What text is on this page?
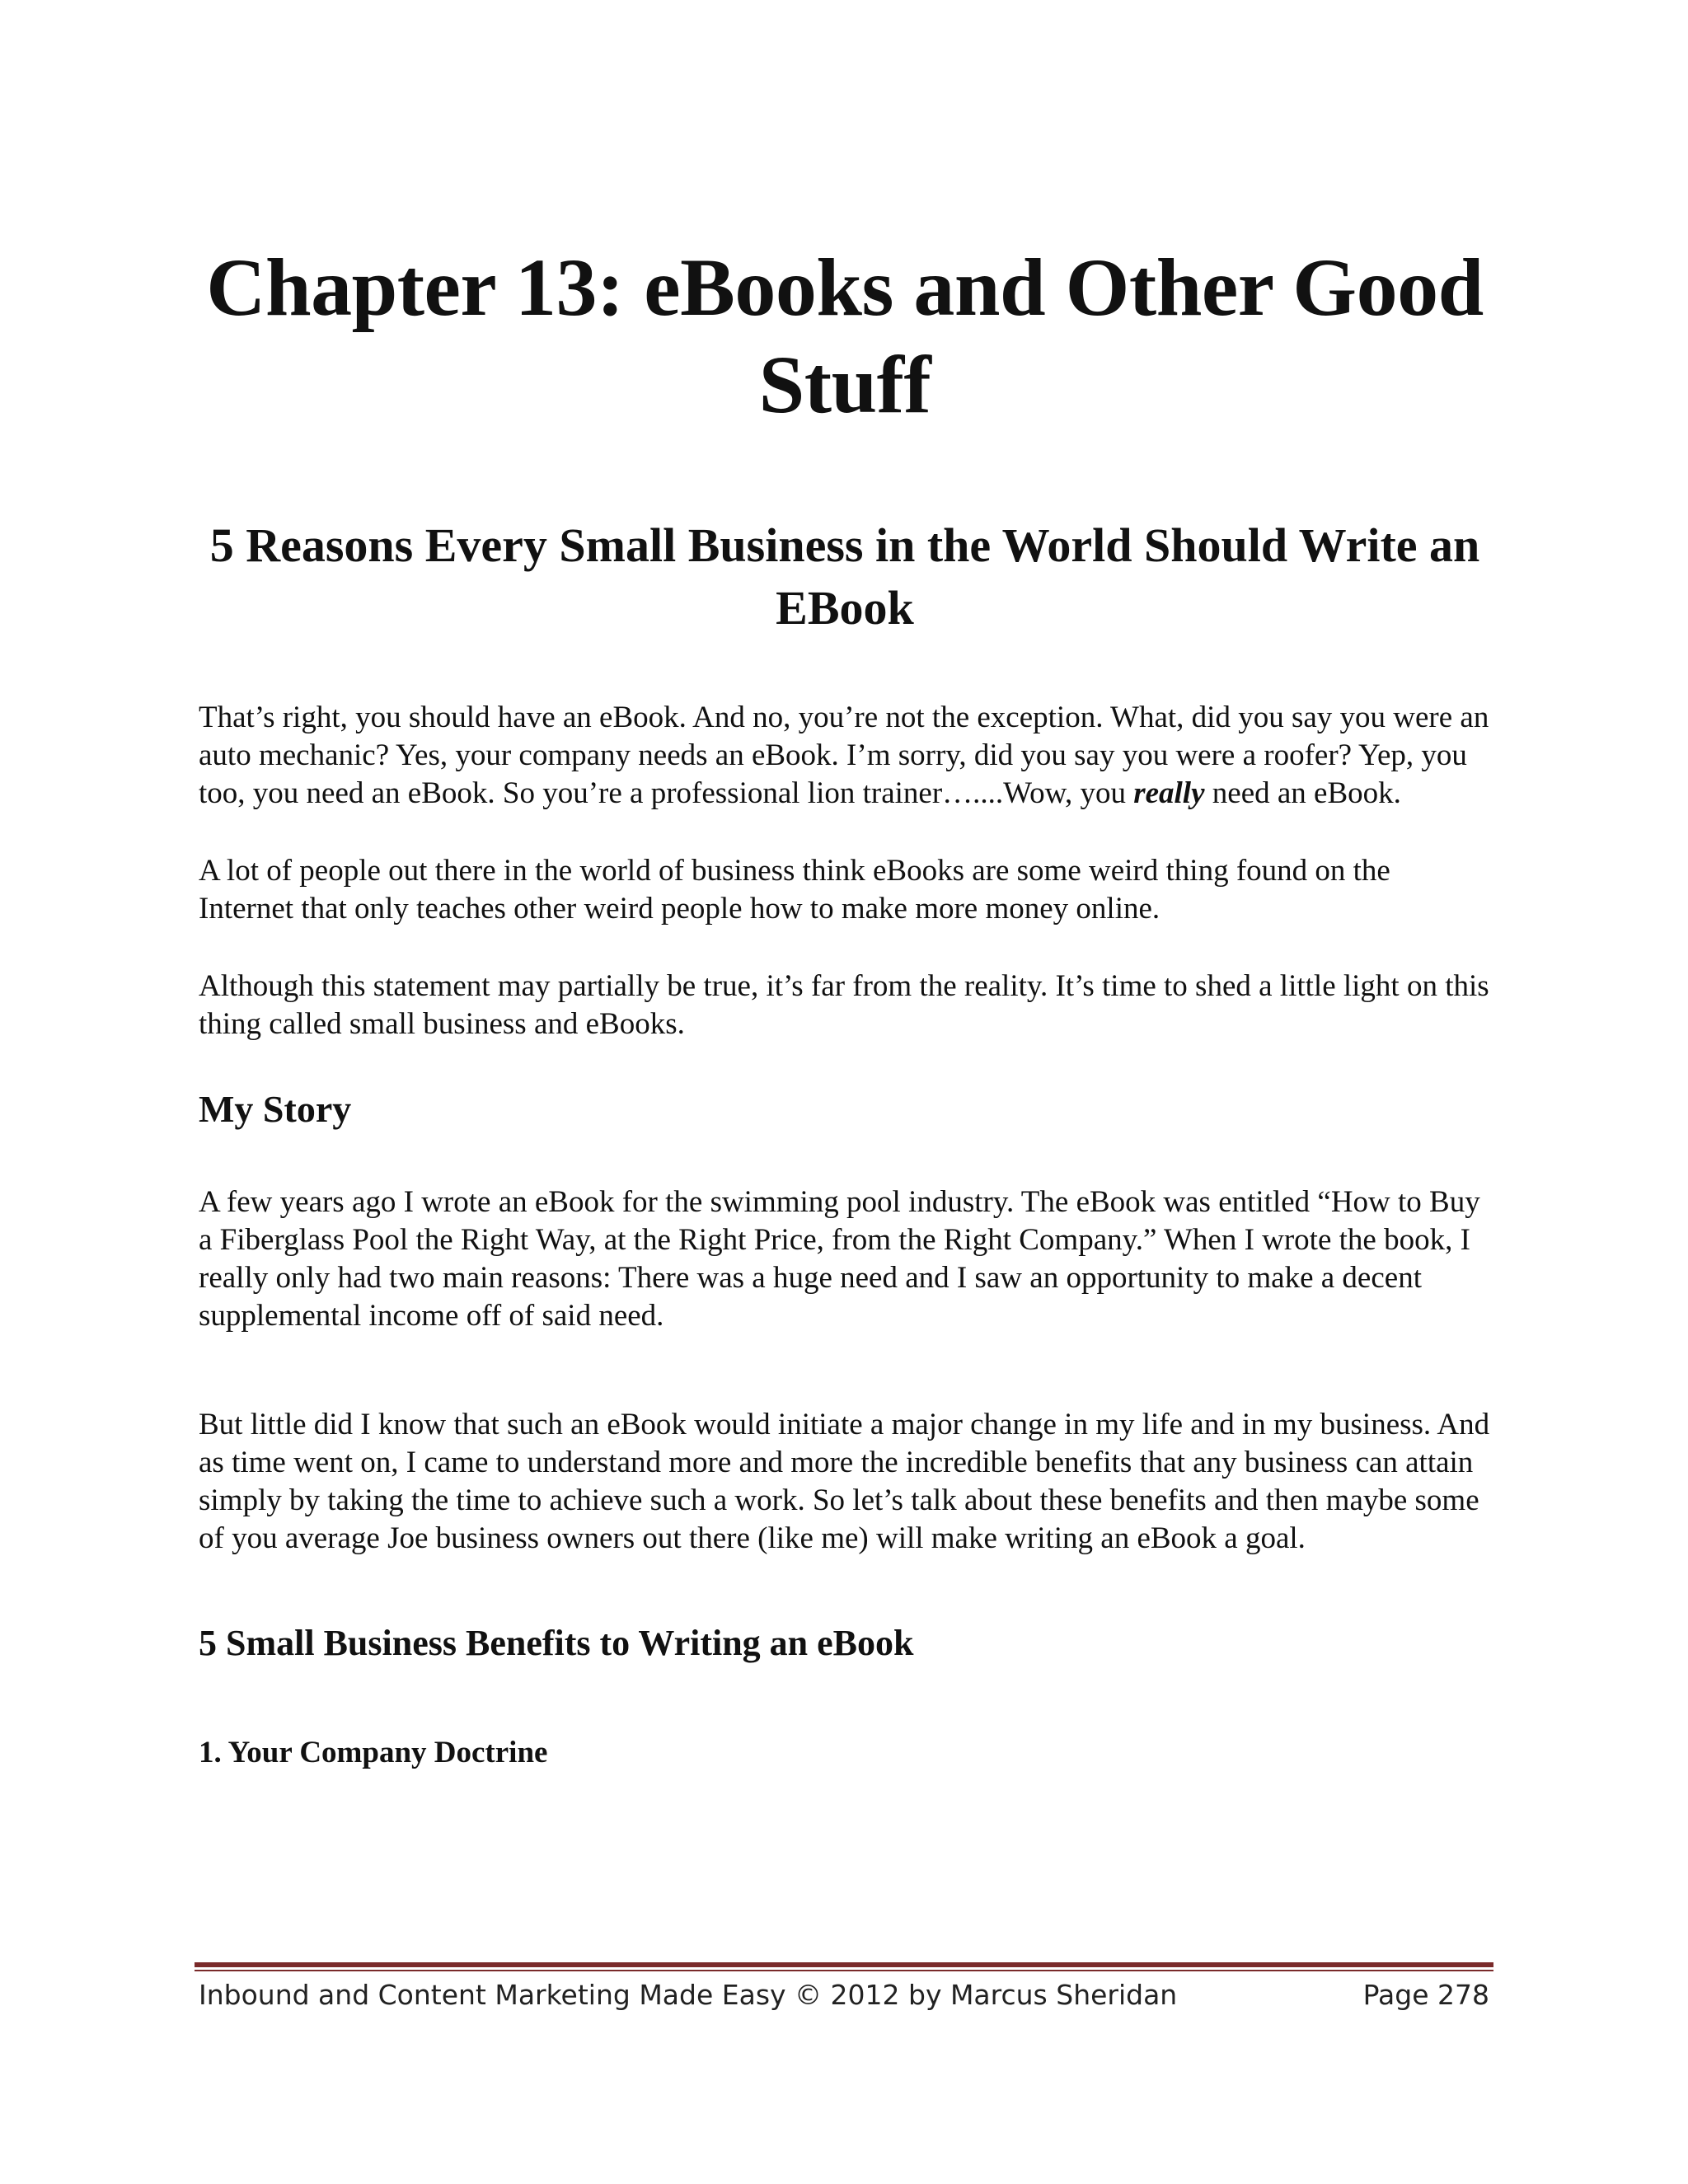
Chapter 13: eBooks and Other Good Stuff
5 Reasons Every Small Business in the World Should Write an EBook

That’s right, you should have an eBook. And no, you’re not the exception. What, did you say you were an auto mechanic? Yes, your company needs an eBook. I’m sorry, did you say you were a roofer? Yep, you too, you need an eBook. So you’re a professional lion trainer…....Wow, you really need an eBook.

A lot of people out there in the world of business think eBooks are some weird thing found on the Internet that only teaches other weird people how to make more money online.

Although this statement may partially be true, it’s far from the reality. It’s time to shed a little light on this thing called small business and eBooks.

My Story

A few years ago I wrote an eBook for the swimming pool industry. The eBook was entitled “How to Buy a Fiberglass Pool the Right Way, at the Right Price, from the Right Company.” When I wrote the book, I really only had two main reasons: There was a huge need and I saw an opportunity to make a decent supplemental income off of said need.

But little did I know that such an eBook would initiate a major change in my life and in my business. And as time went on, I came to understand more and more the incredible benefits that any business can attain simply by taking the time to achieve such a work. So let’s talk about these benefits and then maybe some of you average Joe business owners out there (like me) will make writing an eBook a goal.

5 Small Business Benefits to Writing an eBook
1. Your Company Doctrine
Inbound and Content Marketing Made Easy © 2012 by Marcus Sheridan	Page 278
